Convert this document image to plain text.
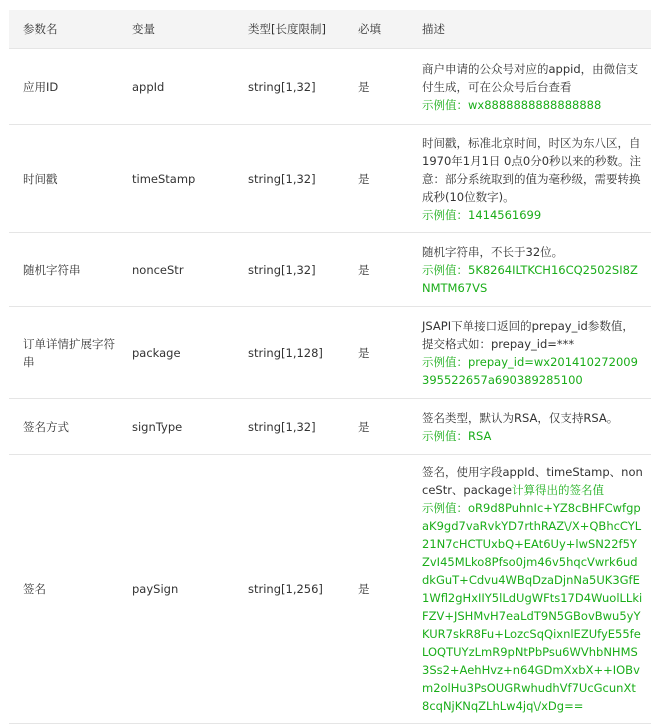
参数名	变量	类型[长度限制]	必填	描述
应用ID	appId	string[1,32]	是	商户申请的公众号对应的appid，由微信支付生成，可在公众号后台查看
示例值：wx8888888888888888

时间戳	timeStamp	string[1,32]	是	时间戳，标准北京时间，时区为东八区，自1970年1月1日 0点0分0秒以来的秒数。注意：部分系统取到的值为毫秒级，需要转换成秒(10位数字)。
示例值：1414561699

随机字符串	nonceStr	string[1,32]	是	随机字符串，不长于32位。
示例值：5K8264ILTKCH16CQ2502SI8ZNMTM67VS

订单详情扩展字符串	package	string[1,128]	是	JSAPI下单接口返回的prepay_id参数值，提交格式如：prepay_id=***
示例值：prepay_id=wx201410272009395522657a690389285100

签名方式	signType	string[1,32]	是	签名类型，默认为RSA，仅支持RSA。
示例值：RSA

签名	paySign	string[1,256]	是	签名，使用字段appId、timeStamp、nonceStr、package计算得出的签名值
示例值：oR9d8PuhnIc+YZ8cBHFCwfgpaK9gd7vaRvkYD7rthRAZ\/X+QBhcCYL21N7cHCTUxbQ+EAt6Uy+lwSN22f5YZvI45MLko8Pfso0jm46v5hqcVwrk6uddkGuT+Cdvu4WBqDzaDjnNa5UK3GfE1Wfl2gHxIIY5lLdUgWFts17D4WuolLLkiFZV+JSHMvH7eaLdT9N5GBovBwu5yYKUR7skR8Fu+LozcSqQixnlEZUfyE55feLOQTUYzLmR9pNtPbPsu6WVhbNHMS3Ss2+AehHvz+n64GDmXxbX++IOBvm2olHu3PsOUGRwhudhVf7UcGcunXt8cqNjKNqZLhLw4jq\/xDg==
